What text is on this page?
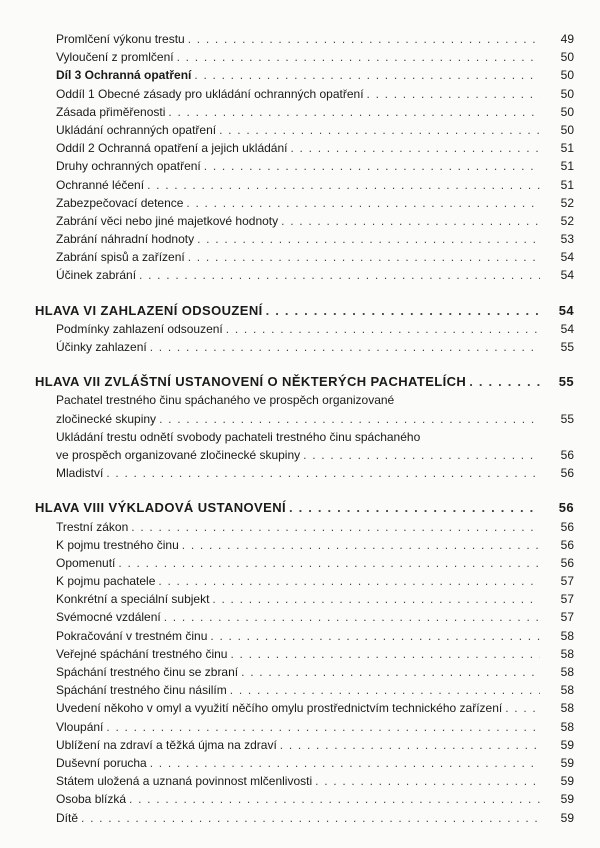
Promlčení výkonu trestu . . .	49
Vyloučení z promlčení . . .	50
Díl 3 Ochranná opatření . . .	50
Oddíl 1 Obecné zásady pro ukládání ochranných opatření . . .	50
Zásada přiměřenosti . . .	50
Ukládání ochranných opatření . . .	50
Oddíl 2 Ochranná opatření a jejich ukládání . . .	51
Druhy ochranných opatření . . .	51
Ochranné léčení . . .	51
Zabezpečovací detence . . .	52
Zabrání věci nebo jiné majetkové hodnoty . . .	52
Zabrání náhradní hodnoty . . .	53
Zabrání spisů a zařízení . . .	54
Účinek zabrání . . .	54
HLAVA VI ZAHLAZENÍ ODSOUZENÍ . . .	54
Podmínky zahlazení odsouzení . . .	54
Účinky zahlazení . . .	55
HLAVA VII ZVLÁŠTNÍ USTANOVENÍ O NĚKTERÝCH PACHATELÍCH . . .	55
Pachatel trestného činu spáchaného ve prospěch organizované
zločinecké skupiny . . .	55
Ukládání trestu odnětí svobody pachateli trestného činu spáchaného
ve prospěch organizované zločinecké skupiny . . .	56
Mladiství . . .	56
HLAVA VIII VÝKLADOVÁ USTANOVENÍ . . .	56
Trestní zákon . . .	56
K pojmu trestného činu . . .	56
Opomenutí . . .	56
K pojmu pachatele . . .	57
Konkrétní a speciální subjekt . . .	57
Svémocné vzdálení . . .	57
Pokračování v trestném činu . . .	58
Veřejné spáchání trestného činu . . .	58
Spáchání trestného činu se zbraní . . .	58
Spáchání trestného činu násilím . . .	58
Uvedení někoho v omyl a využití něčího omylu prostřednictvím technického zařízení . . .	58
Vloupání . . .	58
Ublížení na zdraví a těžká újma na zdraví . . .	59
Duševní porucha . . .	59
Státem uložená a uznaná povinnost mlčenlivosti . . .	59
Osoba blízká . . .	59
Dítě . . .	59
